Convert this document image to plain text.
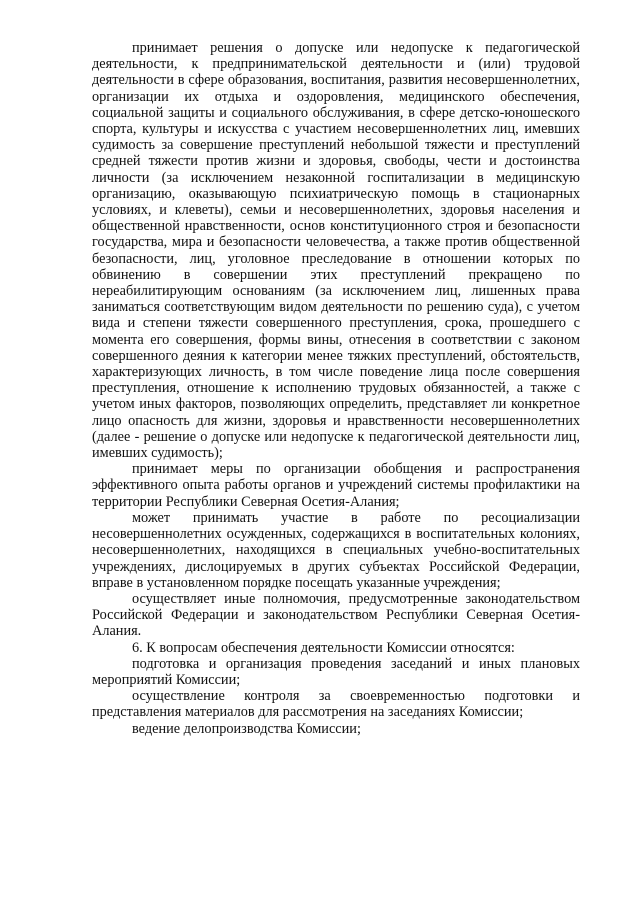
принимает решения о допуске или недопуске к педагогической деятельности, к предпринимательской деятельности и (или) трудовой деятельности в сфере образования, воспитания, развития несовершеннолетних, организации их отдыха и оздоровления, медицинского обеспечения, социальной защиты и социального обслуживания, в сфере детско-юношеского спорта, культуры и искусства с участием несовершеннолетних лиц, имевших судимость за совершение преступлений небольшой тяжести и преступлений средней тяжести против жизни и здоровья, свободы, чести и достоинства личности (за исключением незаконной госпитализации в медицинскую организацию, оказывающую психиатрическую помощь в стационарных условиях, и клеветы), семьи и несовершеннолетних, здоровья населения и общественной нравственности, основ конституционного строя и безопасности государства, мира и безопасности человечества, а также против общественной безопасности, лиц, уголовное преследование в отношении которых по обвинению в совершении этих преступлений прекращено по нереабилитирующим основаниям (за исключением лиц, лишенных права заниматься соответствующим видом деятельности по решению суда), с учетом вида и степени тяжести совершенного преступления, срока, прошедшего с момента его совершения, формы вины, отнесения в соответствии с законом совершенного деяния к категории менее тяжких преступлений, обстоятельств, характеризующих личность, в том числе поведение лица после совершения преступления, отношение к исполнению трудовых обязанностей, а также с учетом иных факторов, позволяющих определить, представляет ли конкретное лицо опасность для жизни, здоровья и нравственности несовершеннолетних (далее - решение о допуске или недопуске к педагогической деятельности лиц, имевших судимость);

принимает меры по организации обобщения и распространения эффективного опыта работы органов и учреждений системы профилактики на территории Республики Северная Осетия-Алания;

может принимать участие в работе по ресоциализации несовершеннолетних осужденных, содержащихся в воспитательных колониях, несовершеннолетних, находящихся в специальных учебно-воспитательных учреждениях, дислоцируемых в других субъектах Российской Федерации, вправе в установленном порядке посещать указанные учреждения;

осуществляет иные полномочия, предусмотренные законодательством Российской Федерации и законодательством Республики Северная Осетия-Алания.

6. К вопросам обеспечения деятельности Комиссии относятся:

подготовка и организация проведения заседаний и иных плановых мероприятий Комиссии;

осуществление контроля за своевременностью подготовки и представления материалов для рассмотрения на заседаниях Комиссии;

ведение делопроизводства Комиссии;
